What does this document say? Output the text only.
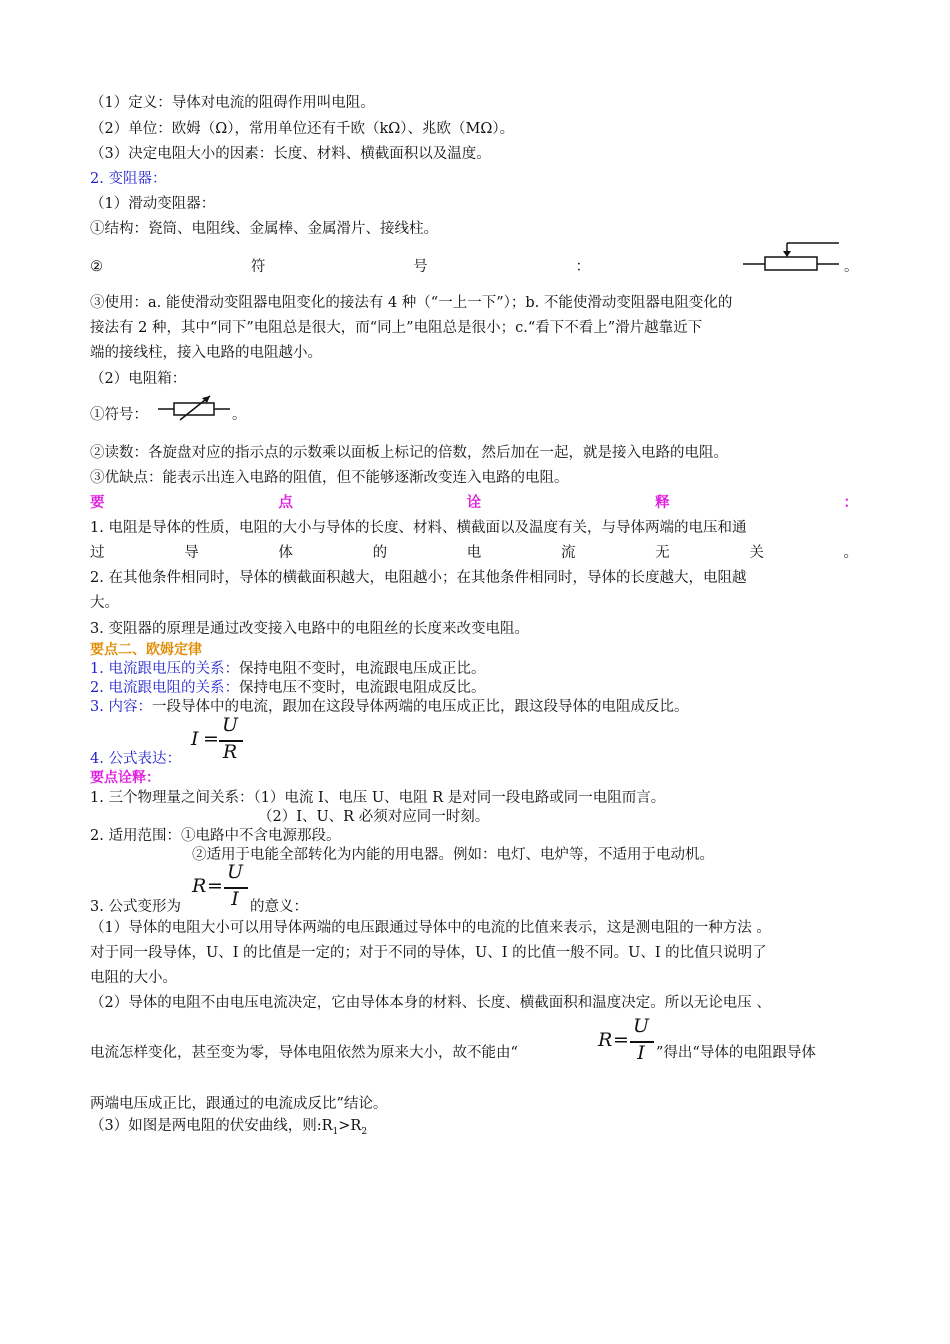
（1）定义：导体对电流的阻碍作用叫电阻。
（2）单位：欧姆（Ω），常用单位还有千欧（kΩ）、兆欧（MΩ）。
（3）决定电阻大小的因素：长度、材料、横截面积以及温度。
2. 变阻器：
（1）滑动变阻器：
①结构：瓷筒、电阻线、金属棒、金属滑片、接线柱。
②	符	号	：	。
③使用：a. 能使滑动变阻器电阻变化的接法有 4 种（“一上一下”）；b. 不能使滑动变阻器电阻变化的
接法有 2 种，其中“同下”电阻总是很大，而“同上”电阻总是很小；c.“看下不看上”滑片越靠近下
端的接线柱，接入电路的电阻越小。
（2）电阻箱：
①符号：	。
②读数：各旋盘对应的指示点的示数乘以面板上标记的倍数，然后加在一起，就是接入电路的电阻。
③优缺点：能表示出连入电路的阻值，但不能够逐渐改变连入电路的电阻。
要	点	诠	释	：
1. 电阻是导体的性质，电阻的大小与导体的长度、材料、横截面以及温度有关，与导体两端的电压和通
过	导	体	的	电	流	无	关	。
2. 在其他条件相同时，导体的横截面积越大，电阻越小；在其他条件相同时，导体的长度越大，电阻越
大。
3. 变阻器的原理是通过改变接入电路中的电阻丝的长度来改变电阻。
要点二、欧姆定律
1. 电流跟电压的关系：保持电阻不变时，电流跟电压成正比。
2. 电流跟电阻的关系：保持电压不变时，电流跟电阻成反比。
3. 内容：一段导体中的电流，跟加在这段导体两端的电压成正比，跟这段导体的电阻成反比。
4. 公式表达：
I =
U
R
要点诠释：
1. 三个物理量之间关系：（1）电流 I、电压 U、电阻 R 是对同一段电路或同一电阻而言。
（2）I、U、R 必须对应同一时刻。
2. 适用范围：①电路中不含电源那段。
②适用于电能全部转化为内能的用电器。例如：电灯、电炉等，不适用于电动机。
3. 公式变形为
R =
U
I 的意义：
（1）导体的电阻大小可以用导体两端的电压跟通过导体中的电流的比值来表示，这是测电阻的一种方法 。
对于同一段导体，U、I 的比值是一定的；对于不同的导体，U、I 的比值一般不同。U、I 的比值只说明了
电阻的大小。
（2）导体的电阻不由电压电流决定，它由导体本身的材料、长度、横截面积和温度决定。所以无论电压 、
电流怎样变化，甚至变为零，导体电阻依然为原来大小，故不能由“
R =
U
I ”得出“导体的电阻跟导体
两端电压成正比，跟通过的电流成反比”结论。
（3）如图是两电阻的伏安曲线，则$:R_1>R_2$
